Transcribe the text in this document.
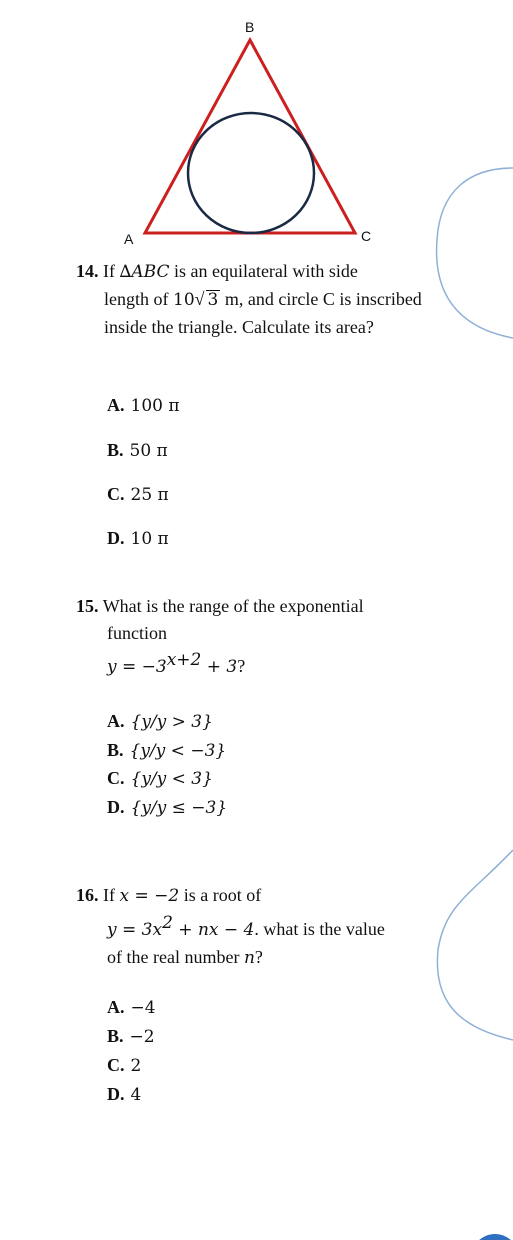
B
A	C
14. If ∆ABC is an equilateral with side
length of 10√ 3 m, and circle C is inscribed
inside the triangle. Calculate its area?
A. 100 π
B. 50 π
C. 25 π
D. 10 π
15. What is the range of the exponential
function
$y = -3^{x+2} + 3$?
A. {y/y > 3}
B. {y/y < −3}
C. {y/y < 3}
D. {y/y ≤ −3}
16. If x = −2 is a root of
$y = 3x^2$ + nx − 4. what is the value
of the real number n?
A. −4
B. −2
C. 2
D. 4
